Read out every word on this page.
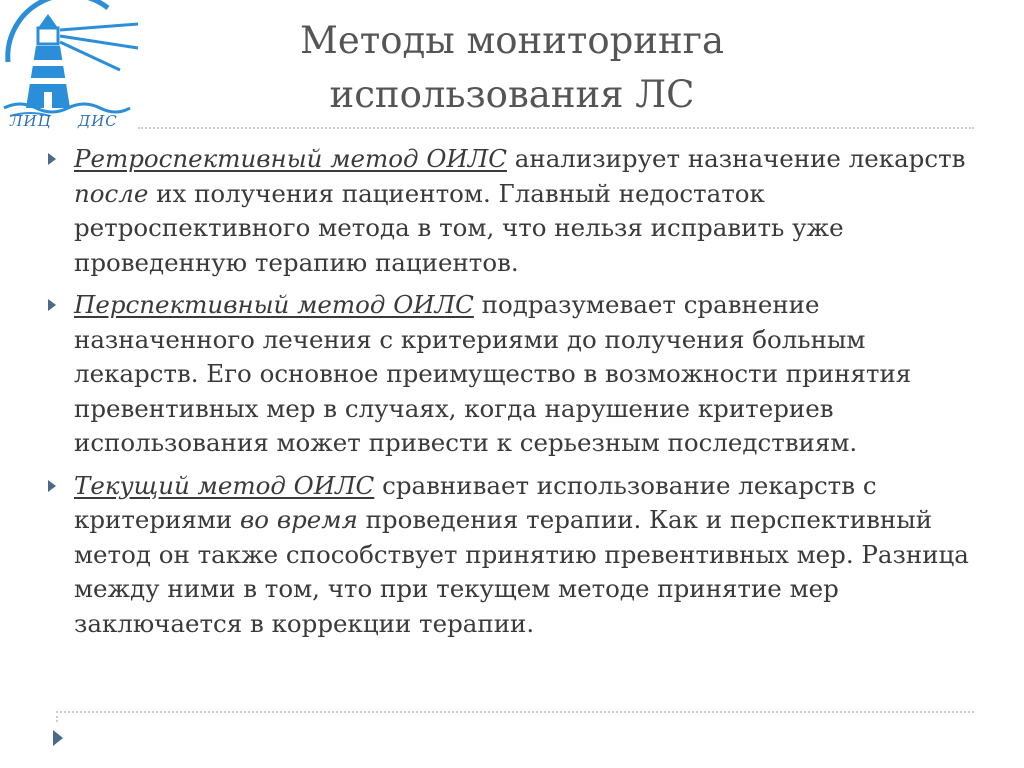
ЛИЦ ДИС
Методы мониторинга
использования ЛС
Ретроспективный метод ОИЛС анализирует назначение лекарств после их получения пациентом. Главный недостаток ретроспективного метода в том, что нельзя исправить уже проведенную терапию пациентов.
Перспективный метод ОИЛС подразумевает сравнение назначенного лечения с критериями до получения больным лекарств. Его основное преимущество в возможности принятия превентивных мер в случаях, когда нарушение критериев использования может привести к серьезным последствиям.
Текущий метод ОИЛС сравнивает использование лекарств с критериями во время проведения терапии. Как и перспективный метод он также способствует принятию превентивных мер. Разница между ними в том, что при текущем методе принятие мер заключается в коррекции терапии.
